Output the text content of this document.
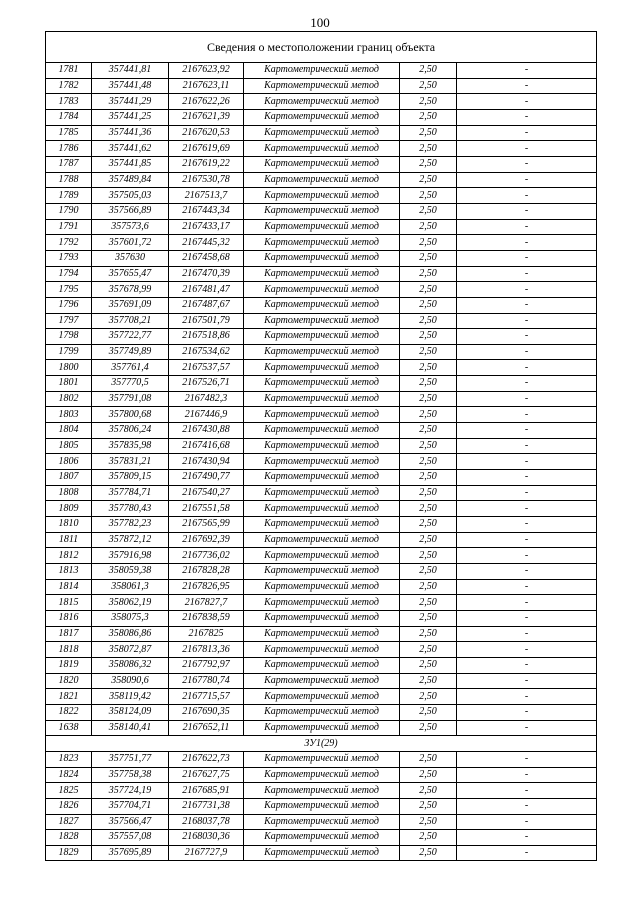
100
Сведения о местоположении границ объекта					
1781	357441,81	2167623,92	Картометрический метод	2,50	-
1782	357441,48	2167623,11	Картометрический метод	2,50	-
1783	357441,29	2167622,26	Картометрический метод	2,50	-
1784	357441,25	2167621,39	Картометрический метод	2,50	-
1785	357441,36	2167620,53	Картометрический метод	2,50	-
1786	357441,62	2167619,69	Картометрический метод	2,50	-
1787	357441,85	2167619,22	Картометрический метод	2,50	-
1788	357489,84	2167530,78	Картометрический метод	2,50	-
1789	357505,03	2167513,7	Картометрический метод	2,50	-
1790	357566,89	2167443,34	Картометрический метод	2,50	-
1791	357573,6	2167433,17	Картометрический метод	2,50	-
1792	357601,72	2167445,32	Картометрический метод	2,50	-
1793	357630	2167458,68	Картометрический метод	2,50	-
1794	357655,47	2167470,39	Картометрический метод	2,50	-
1795	357678,99	2167481,47	Картометрический метод	2,50	-
1796	357691,09	2167487,67	Картометрический метод	2,50	-
1797	357708,21	2167501,79	Картометрический метод	2,50	-
1798	357722,77	2167518,86	Картометрический метод	2,50	-
1799	357749,89	2167534,62	Картометрический метод	2,50	-
1800	357761,4	2167537,57	Картометрический метод	2,50	-
1801	357770,5	2167526,71	Картометрический метод	2,50	-
1802	357791,08	2167482,3	Картометрический метод	2,50	-
1803	357800,68	2167446,9	Картометрический метод	2,50	-
1804	357806,24	2167430,88	Картометрический метод	2,50	-
1805	357835,98	2167416,68	Картометрический метод	2,50	-
1806	357831,21	2167430,94	Картометрический метод	2,50	-
1807	357809,15	2167490,77	Картометрический метод	2,50	-
1808	357784,71	2167540,27	Картометрический метод	2,50	-
1809	357780,43	2167551,58	Картометрический метод	2,50	-
1810	357782,23	2167565,99	Картометрический метод	2,50	-
1811	357872,12	2167692,39	Картометрический метод	2,50	-
1812	357916,98	2167736,02	Картометрический метод	2,50	-
1813	358059,38	2167828,28	Картометрический метод	2,50	-
1814	358061,3	2167826,95	Картометрический метод	2,50	-
1815	358062,19	2167827,7	Картометрический метод	2,50	-
1816	358075,3	2167838,59	Картометрический метод	2,50	-
1817	358086,86	2167825	Картометрический метод	2,50	-
1818	358072,87	2167813,36	Картометрический метод	2,50	-
1819	358086,32	2167792,97	Картометрический метод	2,50	-
1820	358090,6	2167780,74	Картометрический метод	2,50	-
1821	358119,42	2167715,57	Картометрический метод	2,50	-
1822	358124,09	2167690,35	Картометрический метод	2,50	-
1638	358140,41	2167652,11	Картометрический метод	2,50	-
ЗУ1(29)					
1823	357751,77	2167622,73	Картометрический метод	2,50	-
1824	357758,38	2167627,75	Картометрический метод	2,50	-
1825	357724,19	2167685,91	Картометрический метод	2,50	-
1826	357704,71	2167731,38	Картометрический метод	2,50	-
1827	357566,47	2168037,78	Картометрический метод	2,50	-
1828	357557,08	2168030,36	Картометрический метод	2,50	-
1829	357695,89	2167727,9	Картометрический метод	2,50	-
